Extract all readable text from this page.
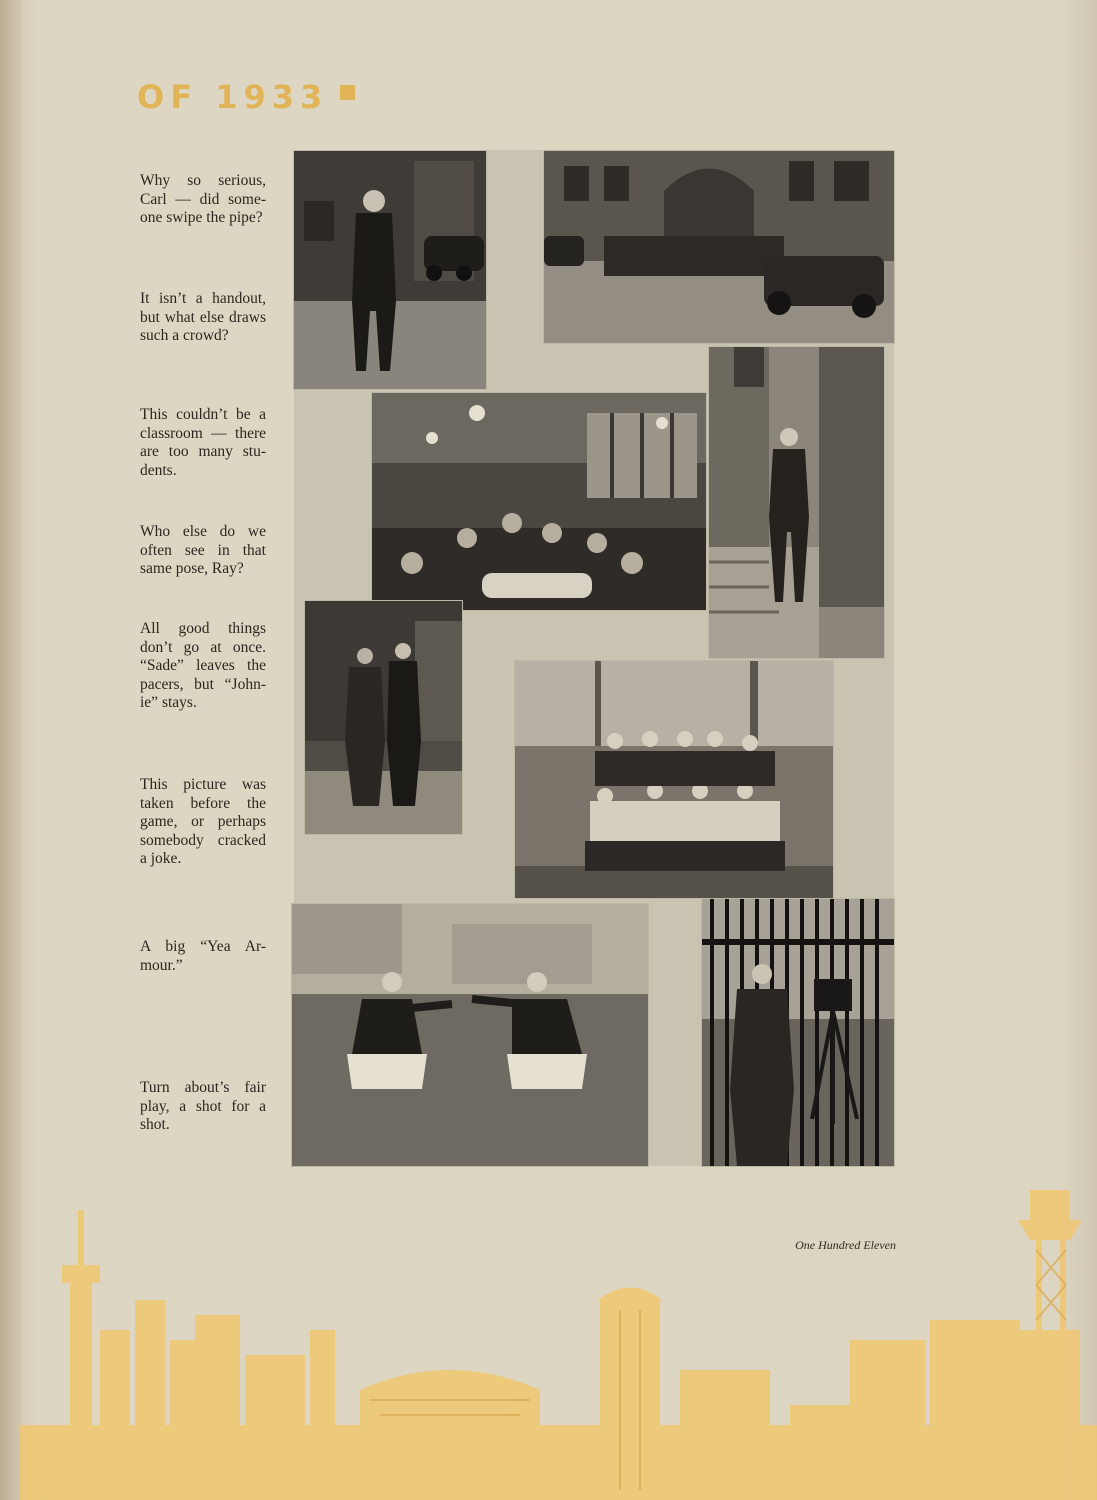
OF 1933

Why so serious, Carl — did some-one swipe the pipe?

It isn’t a handout, but what else draws such a crowd?

This couldn’t be a classroom — there are too many stu-dents.

Who else do we often see in that same pose, Ray?

All good things don’t go at once. “Sade” leaves the pacers, but “John-ie” stays.

This picture was taken before the game, or perhaps somebody cracked a joke.

A big “Yea Ar-mour.”

Turn about’s fair play, a shot for a shot.

One Hundred Eleven
